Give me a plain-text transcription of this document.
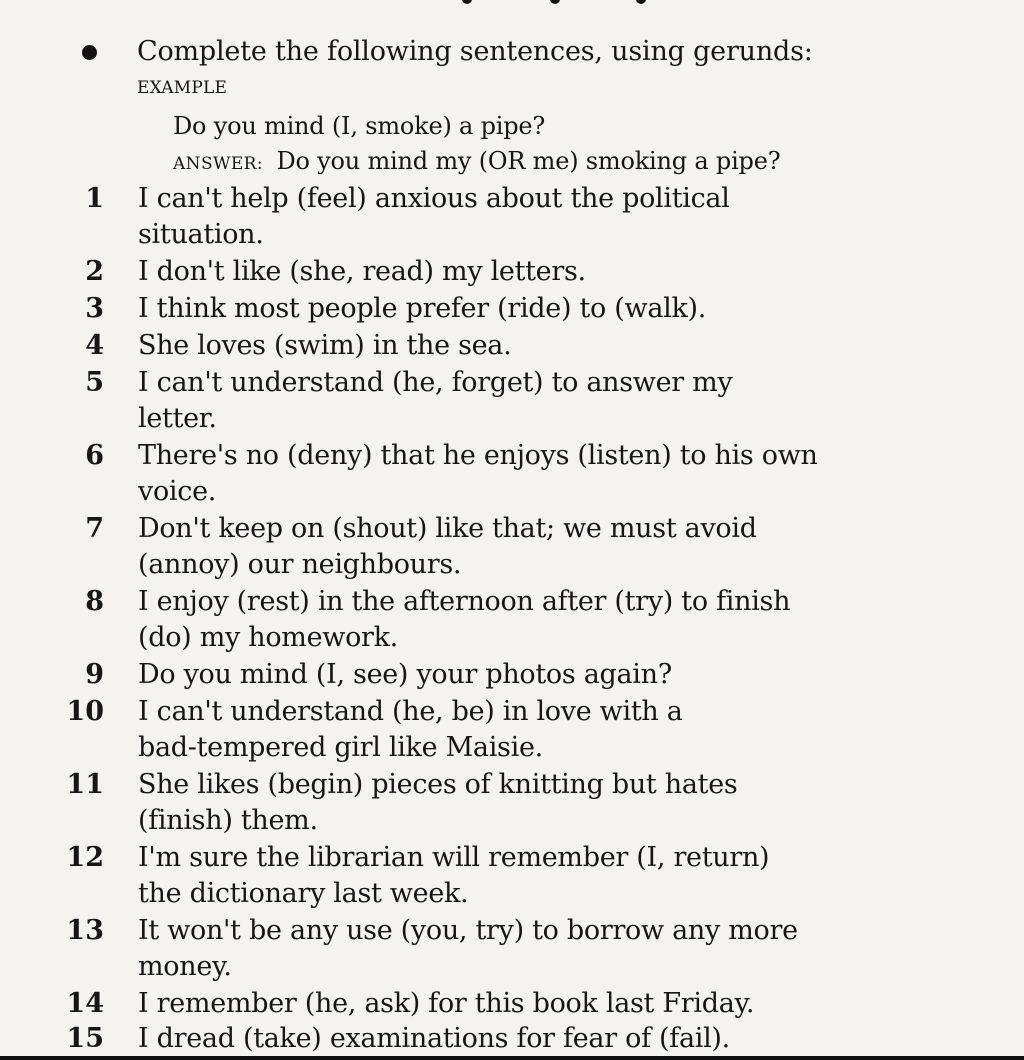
Complete the following sentences, using gerunds:
EXAMPLE
Do you mind (I, smoke) a pipe?
ANSWER: Do you mind my (OR me) smoking a pipe?
1 I can't help (feel) anxious about the political
situation.
2 I don't like (she, read) my letters.
3 I think most people prefer (ride) to (walk).
4 She loves (swim) in the sea.
5 I can't understand (he, forget) to answer my
letter.
6 There's no (deny) that he enjoys (listen) to his own
voice.
7 Don't keep on (shout) like that; we must avoid
(annoy) our neighbours.
8 I enjoy (rest) in the afternoon after (try) to finish
(do) my homework.
9 Do you mind (I, see) your photos again?
10 I can't understand (he, be) in love with a
bad-tempered girl like Maisie.
11 She likes (begin) pieces of knitting but hates
(finish) them.
12 I'm sure the librarian will remember (I, return)
the dictionary last week.
13 It won't be any use (you, try) to borrow any more
money.
14 I remember (he, ask) for this book last Friday.
15 I dread (take) examinations for fear of (fail).
